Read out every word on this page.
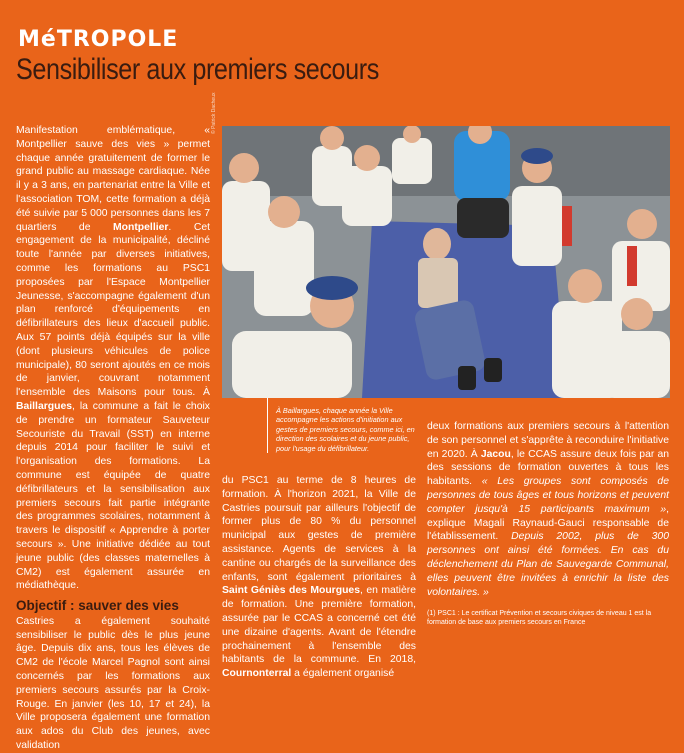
MéTROPOLE
Sensibiliser aux premiers secours

Manifestation emblématique, « Montpellier sauve des vies » permet chaque année gratuitement de former le grand public au massage cardiaque. Née il y a 3 ans, en partenariat entre la Ville et l'association TOM, cette formation a déjà été suivie par 5 000 personnes dans les 7 quartiers de Montpellier. Cet engagement de la municipalité, décliné toute l'année par diverses initiatives, comme les formations au PSC1 proposées par l'Espace Montpellier Jeunesse, s'accompagne également d'un plan renforcé d'équipements en défibrillateurs des lieux d'accueil public. Aux 57 points déjà équipés sur la ville (dont plusieurs véhicules de police municipale), 80 seront ajoutés en ce mois de janvier, couvrant notamment l'ensemble des Maisons pour tous. À Baillargues, la commune a fait le choix de prendre un formateur Sauveteur Secouriste du Travail (SST) en interne depuis 2014 pour faciliter le suivi et l'organisation des formations. La commune est équipée de quatre défibrillateurs et la sensibilisation aux premiers secours fait partie intégrante des programmes scolaires, notamment à travers le dispositif « Apprendre à porter secours ». Une initiative dédiée au tout jeune public (des classes maternelles à CM2) est également assurée en médiathèque.

Objectif : sauver des vies

Castries a également souhaité sensibiliser le public dès le plus jeune âge. Depuis dix ans, tous les élèves de CM2 de l'école Marcel Pagnol sont ainsi concernés par les formations aux premiers secours assurés par la Croix-Rouge. En janvier (les 10, 17 et 24), la Ville proposera également une formation aux ados du Club des jeunes, avec validation

© Patrick Dacheux
À Baillargues, chaque année la Ville accompagne les actions d'initiation aux gestes de premiers secours, comme ici, en direction des scolaires et du jeune public, pour l'usage du défibrillateur.

du PSC1 au terme de 8 heures de formation. À l'horizon 2021, la Ville de Castries poursuit par ailleurs l'objectif de former plus de 80 % du personnel municipal aux gestes de première assistance. Agents de services à la cantine ou chargés de la surveillance des enfants, sont également prioritaires à Saint Géniès des Mourgues, en matière de formation. Une première formation, assurée par le CCAS a concerné cet été une dizaine d'agents. Avant de l'étendre prochainement à l'ensemble des habitants de la commune. En 2018, Cournonterral a également organisé

deux formations aux premiers secours à l'attention de son personnel et s'apprête à reconduire l'initiative en 2020. À Jacou, le CCAS assure deux fois par an des sessions de formation ouvertes à tous les habitants. « Les groupes sont composés de personnes de tous âges et tous horizons et peuvent compter jusqu'à 15 participants maximum », explique Magali Raynaud-Gauci responsable de l'établissement. Depuis 2002, plus de 300 personnes ont ainsi été formées. En cas du déclenchement du Plan de Sauvegarde Communal, elles peuvent être invitées à enrichir la liste des volontaires. »

(1) PSC1 : Le certificat Prévention et secours civiques de niveau 1 est la formation de base aux premiers secours en France
